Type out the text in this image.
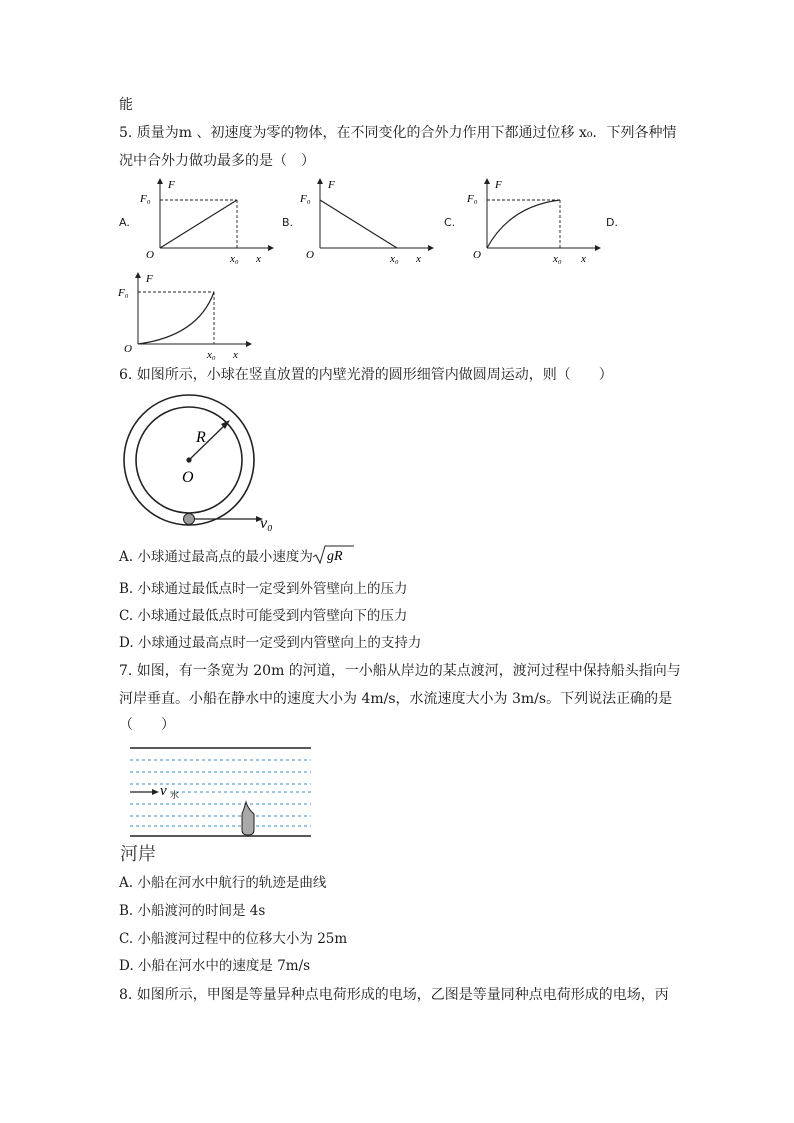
能
5. 质量为m 、初速度为零的物体，在不同变化的合外力作用下都通过位移 x₀．下列各种情
况中合外力做功最多的是（　）
A.	B.	C.	D.
F₀
F
O	x₀ x
F₀
F
O	x₀ x
F₀
F
O	x₀ x
F₀
F
O	x₀ x
6. 如图所示，小球在竖直放置的内壁光滑的圆形细管内做圆周运动，则（　　）
R
O
v₀
A. 小球通过最高点的最小速度为 gR
B. 小球通过最低点时一定受到外管壁向上的压力
C. 小球通过最低点时可能受到内管壁向下的压力
D. 小球通过最高点时一定受到内管壁向上的支持力
7. 如图，有一条宽为 20m 的河道，一小船从岸边的某点渡河，渡河过程中保持船头指向与
河岸垂直。小船在静水中的速度大小为 4m/s，水流速度大小为 3m/s。下列说法正确的是
（　　）
v 水
河岸
A. 小船在河水中航行的轨迹是曲线
B. 小船渡河的时间是 4s
C. 小船渡河过程中的位移大小为 25m
D. 小船在河水中的速度是 7m/s
8. 如图所示，甲图是等量异种点电荷形成的电场，乙图是等量同种点电荷形成的电场，丙
